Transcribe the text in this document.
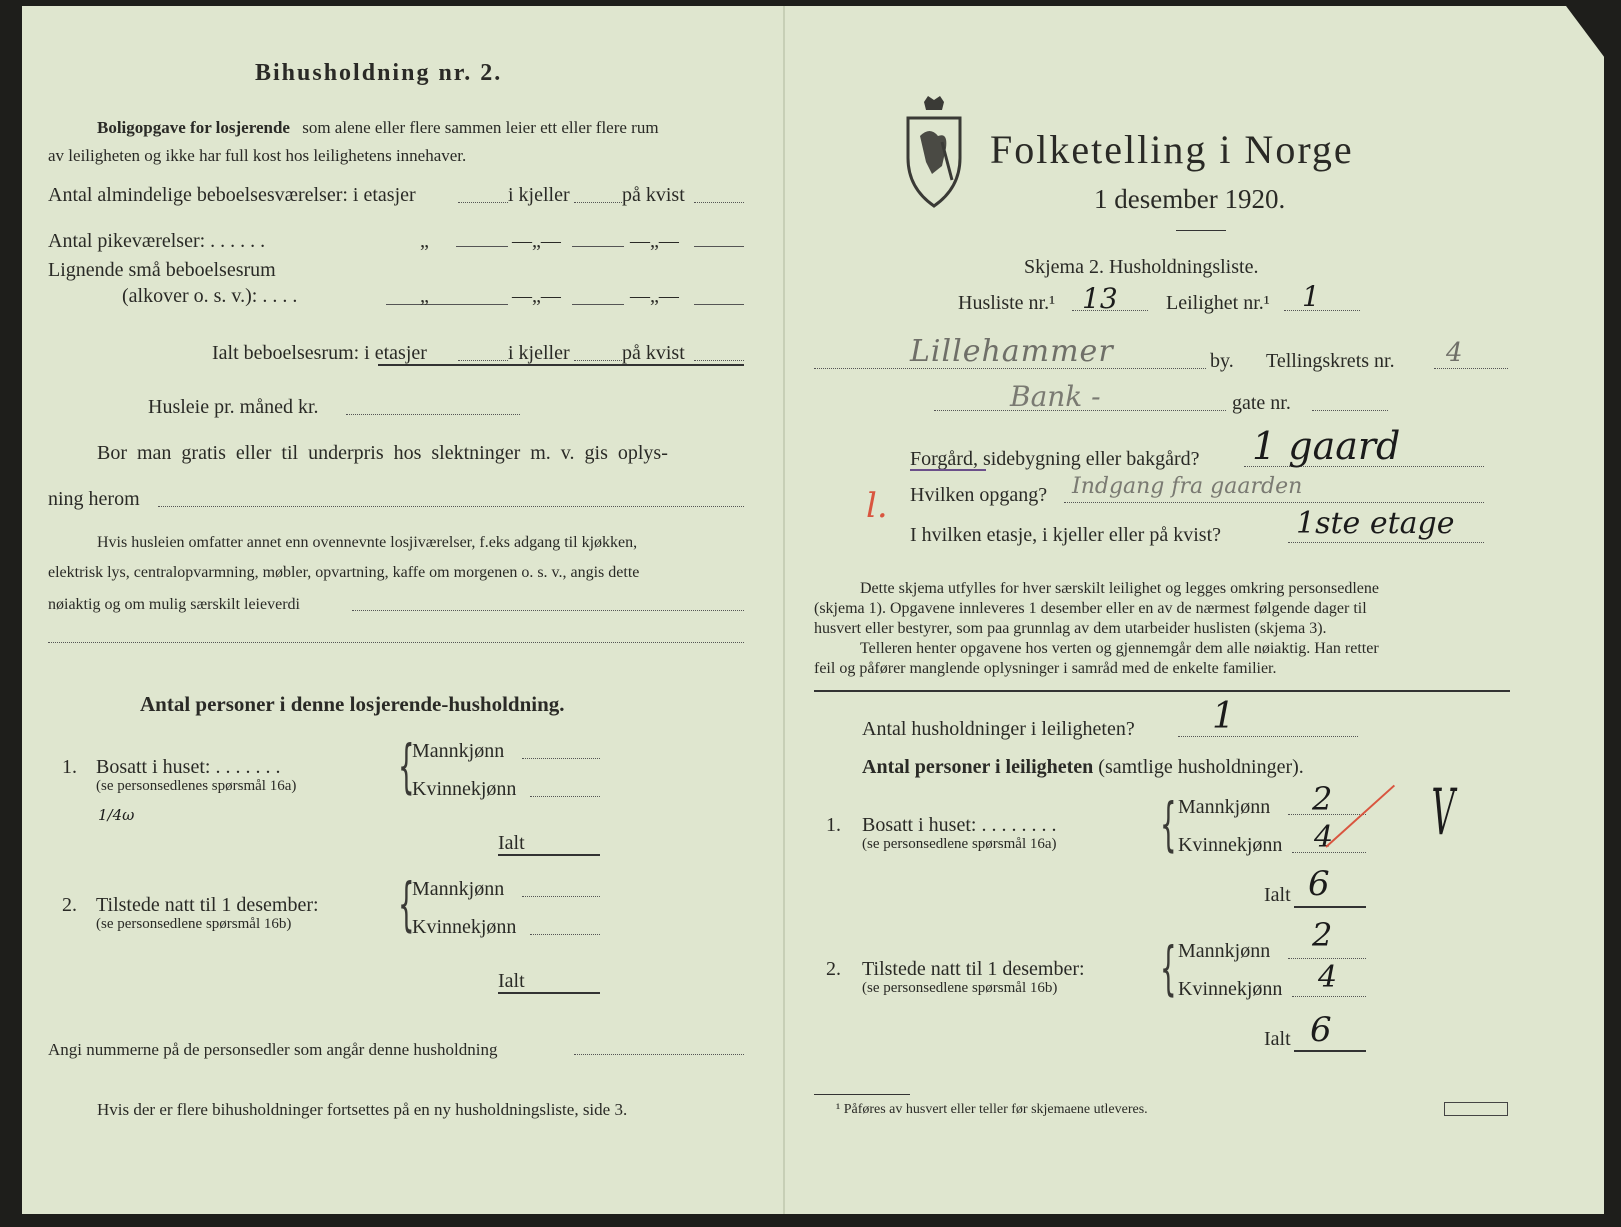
Bihusholdning nr. 2.
Boligopgave for losjerende som alene eller flere sammen leier ett eller flere rum
av leiligheten og ikke har full kost hos leilighetens innehaver.
Antal almindelige beboelsesværelser: i etasjer	i kjeller	på kvist
Antal pikeværelser: . . . . . .	„	—„—	—„—
Lignende små beboelsesrum
(alkover o. s. v.): . . . .	„	—„—	—„—
Ialt beboelsesrum: i etasjer	i kjeller	på kvist
Husleie pr. måned kr.
Bor man gratis eller til underpris hos slektninger m. v. gis oplys-
ning herom
Hvis husleien omfatter annet enn ovennevnte losjiværelser, f.eks adgang til kjøkken,
elektrisk lys, centralopvarmning, møbler, opvartning, kaffe om morgenen o. s. v., angis dette
nøiaktig og om mulig særskilt leieverdi
Antal personer i denne losjerende-husholdning.
1. Bosatt i huset: . . . . . . .
(se personsedlenes spørsmål 16a)
1/4ω
{
Mannkjønn
Kvinnekjønn
Ialt
2. Tilstede natt til 1 desember:
(se personsedlene spørsmål 16b) {
Mannkjønn
Kvinnekjønn
Ialt
Angi nummerne på de personsedler som angår denne husholdning
Hvis der er flere bihusholdninger fortsettes på en ny husholdningsliste, side 3.
Folketelling i Norge
1 desember 1920.
Skjema 2. Husholdningsliste.
Husliste nr.¹ 13 Leilighet nr.¹ 1
Lillehammer	by. Tellingskrets nr. 4
Bank -	gate nr.
Forgård, sidebygning eller bakgård? 1 gaard
Hvilken opgang? Indgang fra gaarden
l.
I hvilken etasje, i kjeller eller på kvist?	1ste etage
Dette skjema utfylles for hver særskilt leilighet og legges omkring personsedlene
(skjema 1). Opgavene innleveres 1 desember eller en av de nærmest følgende dager til
husvert eller bestyrer, som paa grunnlag av dem utarbeider huslisten (skjema 3).
Telleren henter opgavene hos verten og gjennemgår dem alle nøiaktig. Han retter
feil og påfører manglende oplysninger i samråd med de enkelte familier.
Antal husholdninger i leiligheten? 1
Antal personer i leiligheten (samtlige husholdninger).
1. Bosatt i huset: . . . . . . . .
(se personsedlene spørsmål 16a) { Mannkjønn 2
Kvinnekjønn 4
Ialt 6
V
2. Tilstede natt til 1 desember:
(se personsedlene spørsmål 16b) { Mannkjønn 2
Kvinnekjønn 4
Ialt 6
¹ Påføres av husvert eller teller før skjemaene utleveres.
